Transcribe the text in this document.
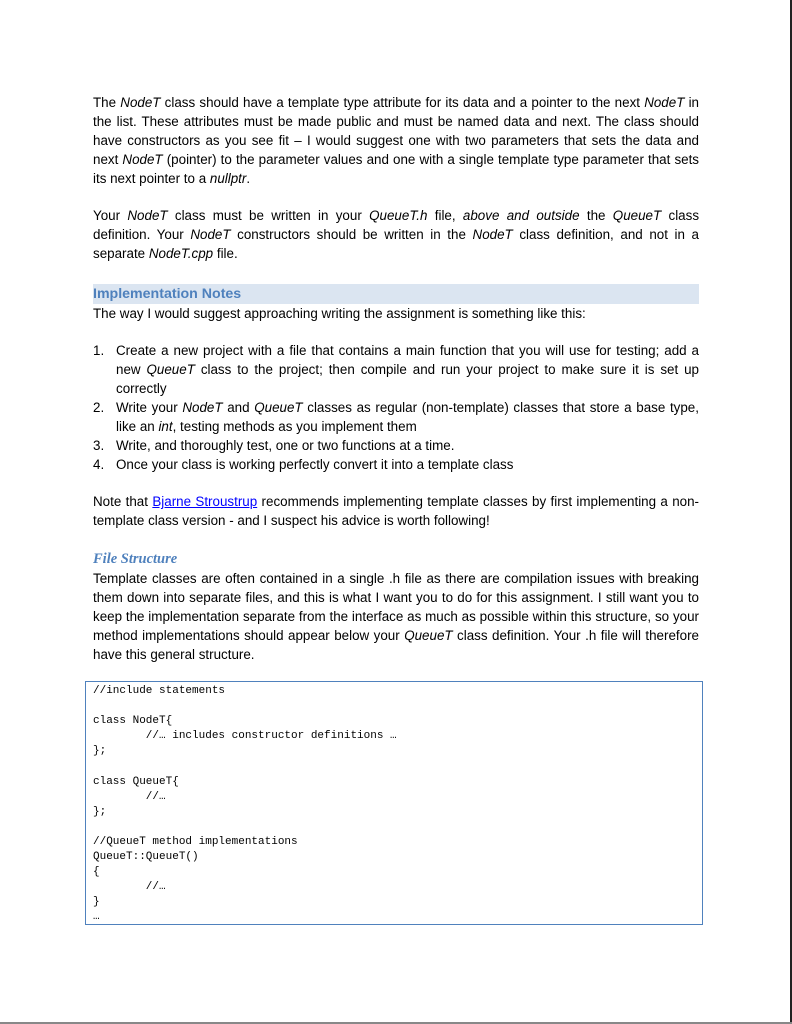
The NodeT class should have a template type attribute for its data and a pointer to the next NodeT in the list. These attributes must be made public and must be named data and next. The class should have constructors as you see fit – I would suggest one with two parameters that sets the data and next NodeT (pointer) to the parameter values and one with a single template type parameter that sets its next pointer to a nullptr.

Your NodeT class must be written in your QueueT.h file, above and outside the QueueT class definition. Your NodeT constructors should be written in the NodeT class definition, and not in a separate NodeT.cpp file.

Implementation Notes

The way I would suggest approaching writing the assignment is something like this:

1. Create a new project with a file that contains a main function that you will use for testing; add a new QueueT class to the project; then compile and run your project to make sure it is set up correctly
2. Write your NodeT and QueueT classes as regular (non-template) classes that store a base type, like an int, testing methods as you implement them
3. Write, and thoroughly test, one or two functions at a time.
4. Once your class is working perfectly convert it into a template class

Note that Bjarne Stroustrup recommends implementing template classes by first implementing a non-template class version - and I suspect his advice is worth following!

File Structure

Template classes are often contained in a single .h file as there are compilation issues with breaking them down into separate files, and this is what I want you to do for this assignment. I still want you to keep the implementation separate from the interface as much as possible within this structure, so your method implementations should appear below your QueueT class definition. Your .h file will therefore have this general structure.

//include statements

class NodeT{
//… includes constructor definitions …
};

class QueueT{
//…
};

//QueueT method implementations
QueueT::QueueT()
{
//…
}
…
